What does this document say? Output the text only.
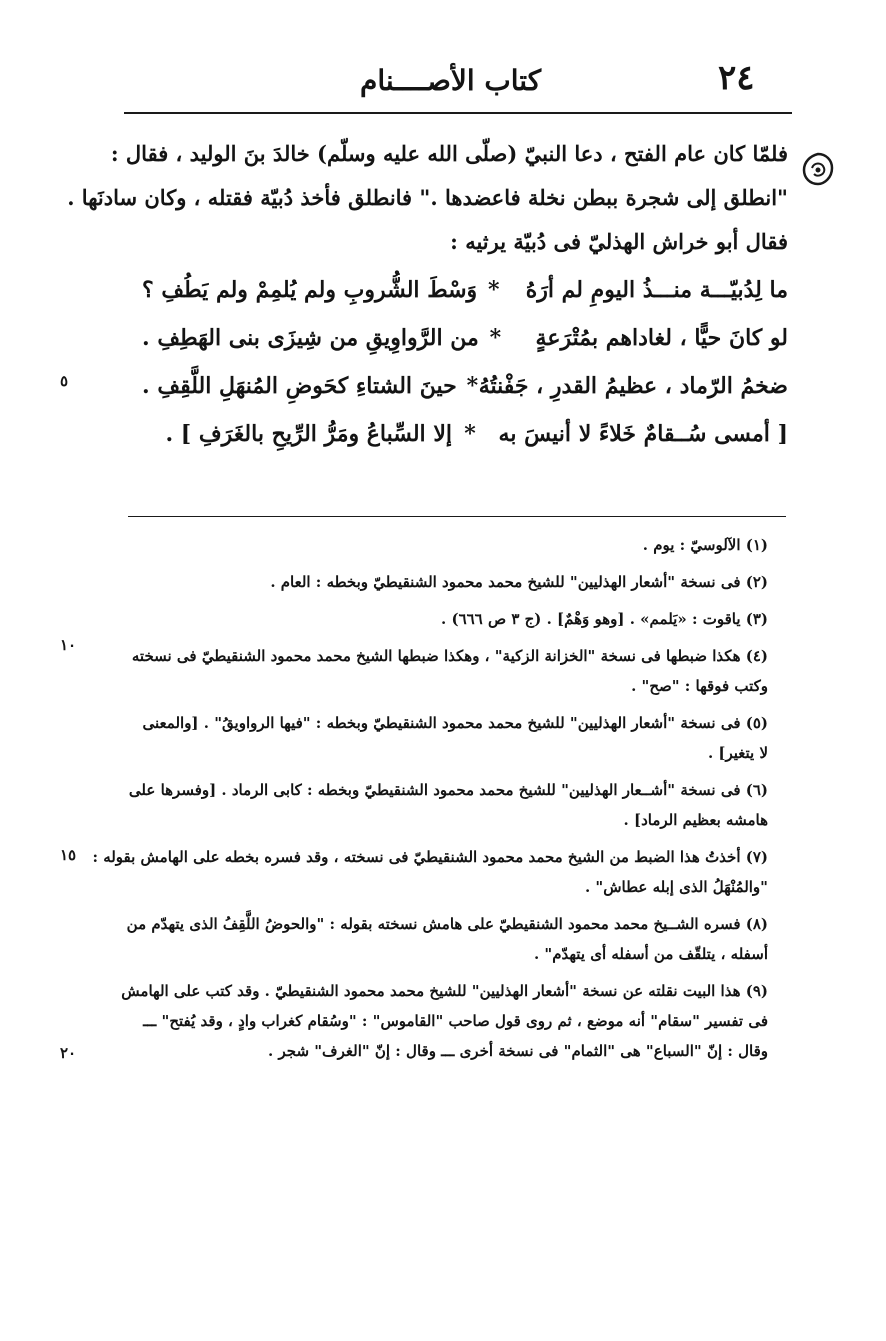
٢٤
كتاب الأصــــنام
فلمّا كان عام الفتح ، دعا النبيّ (صلّى الله عليه وسلّم) خالدَ بنَ الوليد ، فقال :
"انطلق إلى شجرة ببطن نخلة فاعضدها ." فانطلق فأخذ دُبيّة فقتله ، وكان سادنَها .
فقال أبو خراش الهذليّ فى دُبيّة يرثيه :
ما لِدُبيّـــة منـــذُ اليومِ لم أرَهُ
*
وَسْطَ الشُّروبِ ولم يُلمِمْ ولم يَطُفِ ؟
لو كانَ حيًّا ، لغاداهم بمُتْرَعةٍ
*
من الرَّواوِيقِ من شِيزَى بنى الهَطِفِ .
ضخمُ الرّماد ، عظيمُ القدرِ ، جَفْنتُهُ
*
حينَ الشتاءِ كحَوضِ المُنهَلِ اللَّقِفِ .
[ أمسى سُــقامٌ خَلاءً لا أنيسَ به
*
إلا السِّباعُ ومَرُّ الرِّيحِ بالغَرَفِ ] .
٥
١٠
١٥
٢٠
(١) الآلوسيّ : يوم .
(٢) فى نسخة "أشعار الهذليين" للشيخ محمد محمود الشنقيطيّ وبخطه : العام .
(٣) ياقوت : «يَلمم» . [وهو وَهْمٌ] . (ج ٣ ص ٦٦٦) .
(٤) هكذا ضبطها فى نسخة "الخزانة الزكية" ، وهكذا ضبطها الشيخ محمد محمود الشنقيطيّ فى نسخته
وكتب فوقها : "صح" .
(٥) فى نسخة "أشعار الهذليين" للشيخ محمد محمود الشنقيطيّ وبخطه : "فيها الرواويقُ" . [والمعنى
لا يتغير] .
(٦) فى نسخة "أشــعار الهذليين" للشيخ محمد محمود الشنقيطيّ وبخطه : كابى الرماد . [وفسرها على
هامشه بعظيم الرماد] .
(٧) أخذتُ هذا الضبط من الشيخ محمد محمود الشنقيطيّ فى نسخته ، وقد فسره بخطه على الهامش بقوله :
"والمُنْهَلُ الذى إبله عطاش" .
(٨) فسره الشــيخ محمد محمود الشنقيطيّ على هامش نسخته بقوله : "والحوضُ اللَّقِفُ الذى يتهدّم من
أسفله ، يتلقّف من أسفله أى يتهدّم" .
(٩) هذا البيت نقلته عن نسخة "أشعار الهذليين" للشيخ محمد محمود الشنقيطيّ . وقد كتب على الهامش
فى تفسير "سقام" أنه موضع ، ثم روى قول صاحب "القاموس" : "وسُقام كغراب وادٍ ، وقد يُفتح" ـــ
وقال : إنّ "السباع" هى "الثمام" فى نسخة أخرى ـــ وقال : إنّ "الغرف" شجر .
